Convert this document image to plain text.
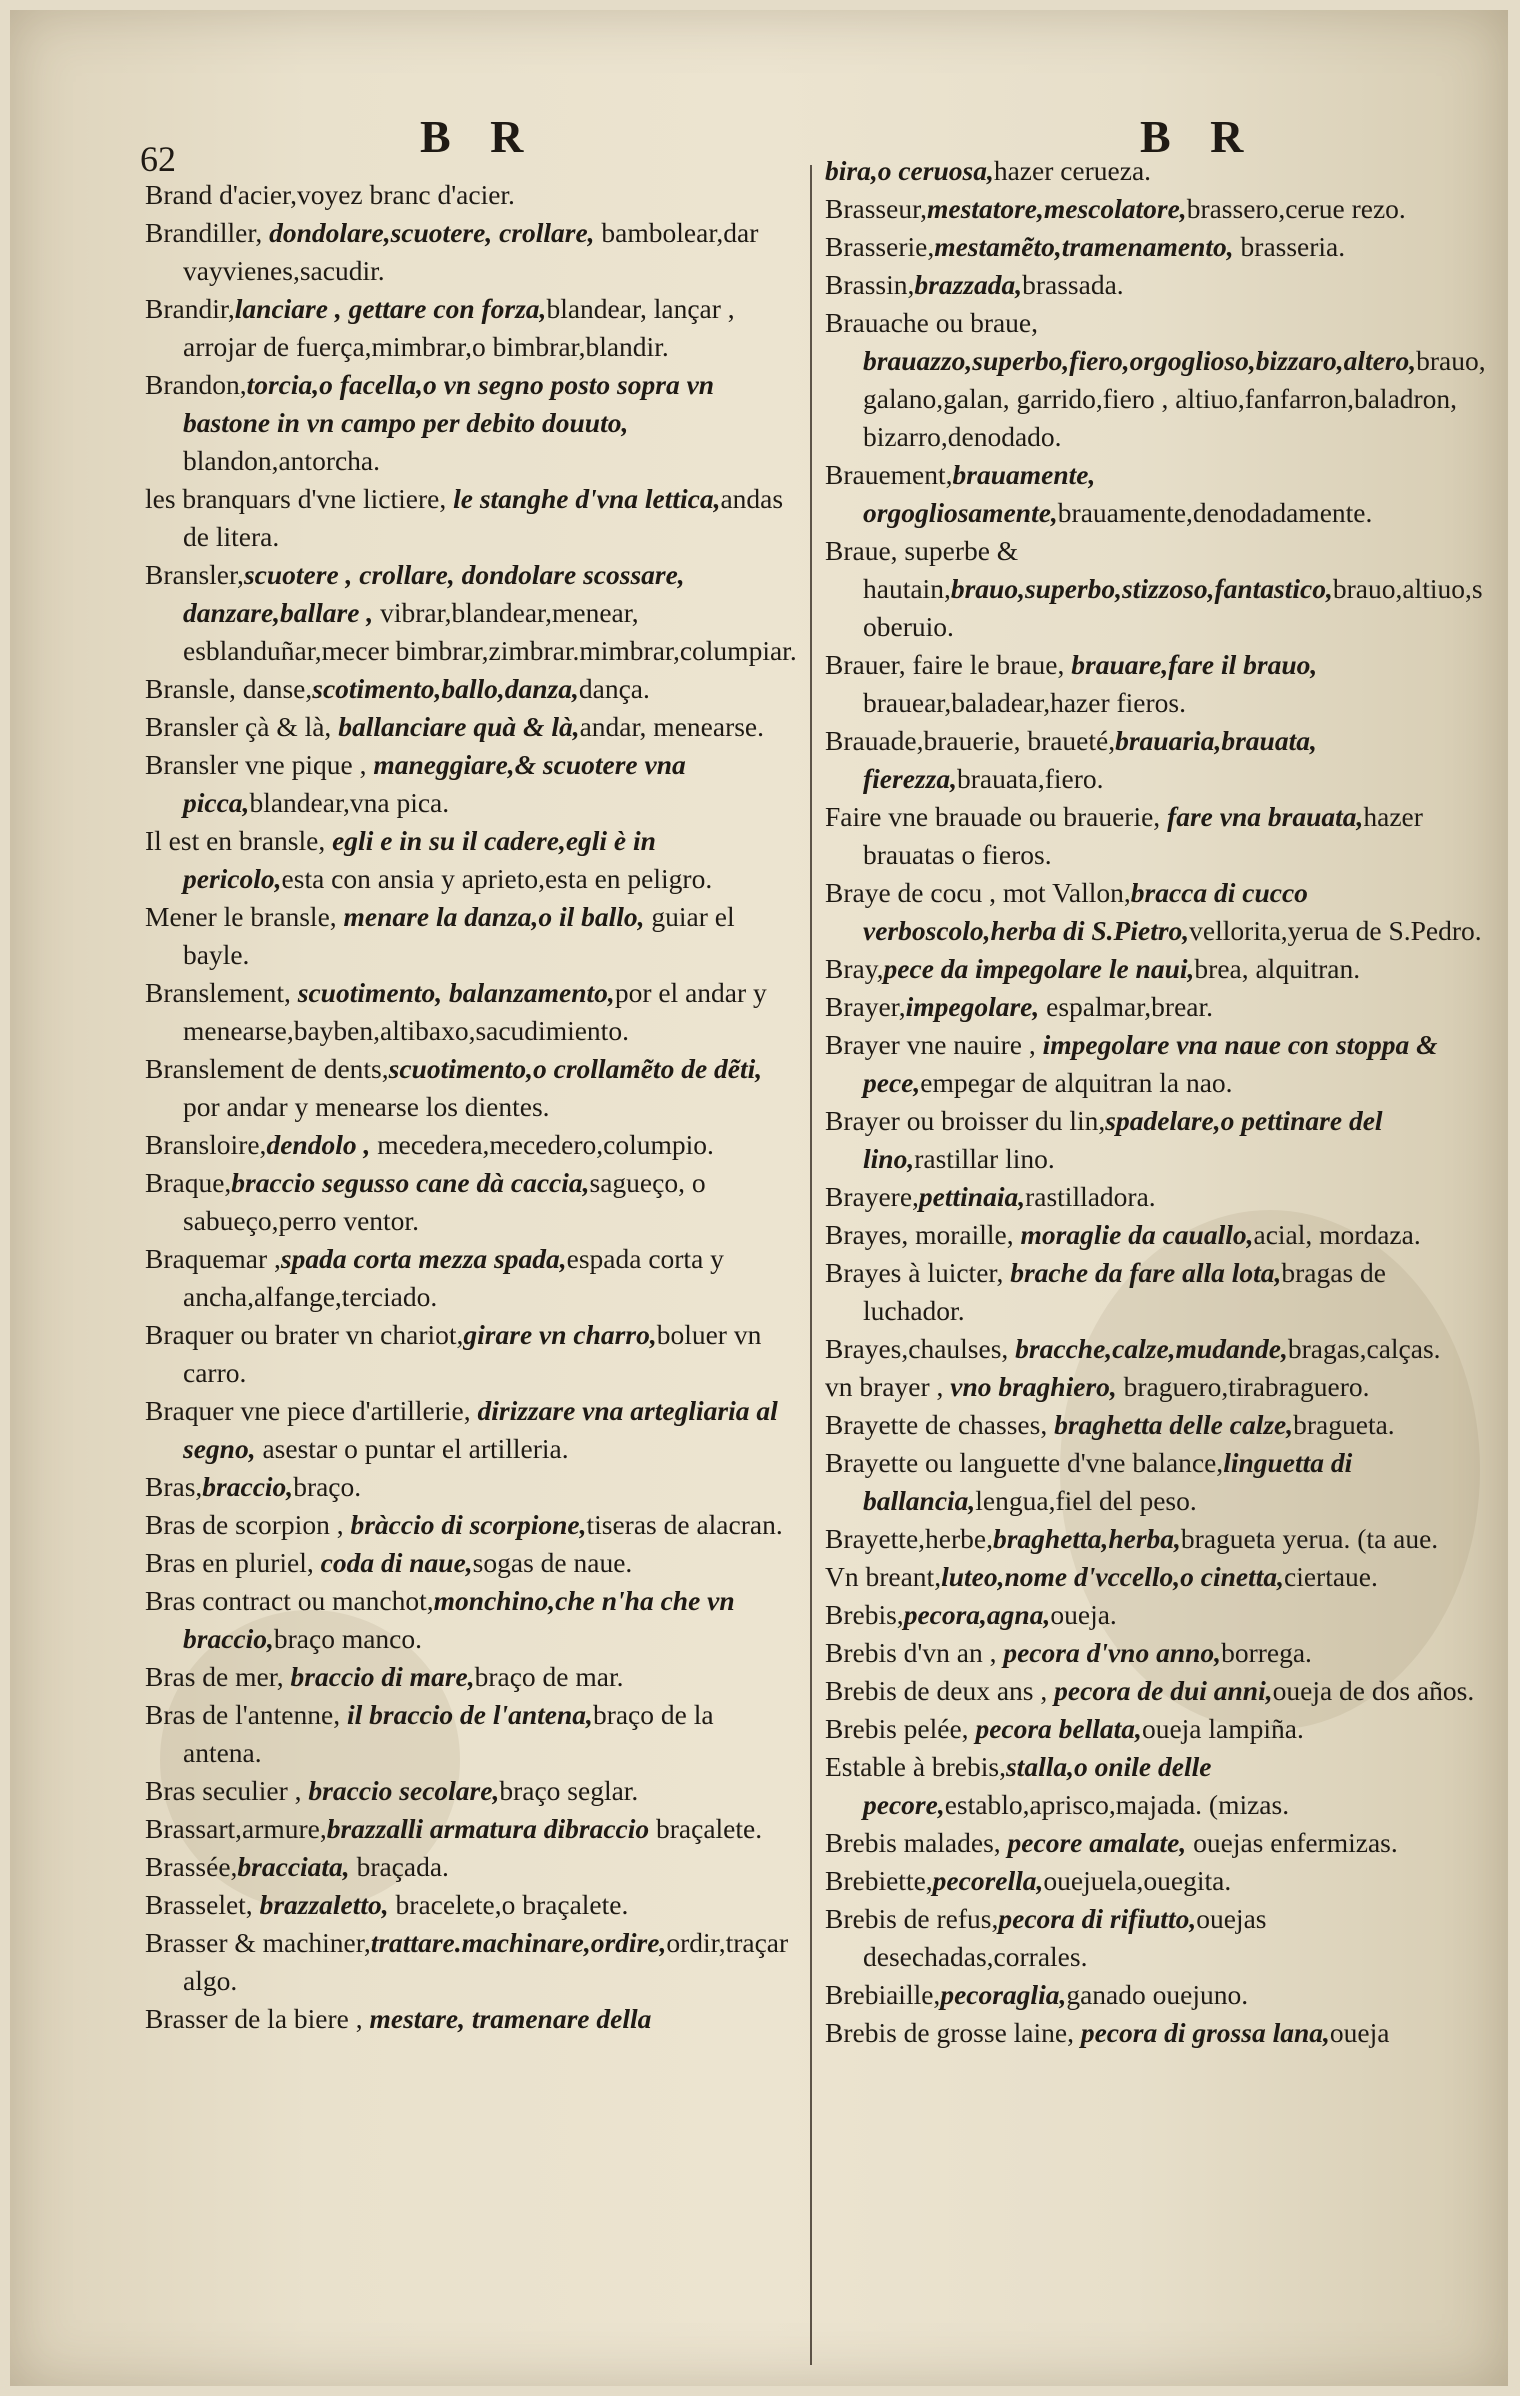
62	B R	B R
Brand d'acier,voyez branc d'acier.
Brandiller, dondolare,scuotere, crollare, bambolear,dar vayvienes,sacudir.
Brandir,lanciare , gettare con forza,blandear, lançar , arrojar de fuerça,mimbrar,o bimbrar,blandir.
Brandon,torcia,o facella,o vn segno posto sopra vn bastone in vn campo per debito douuto, blandon,antorcha.
les branquars d'vne lictiere, le stanghe d'vna lettica,andas de litera.
Bransler,scuotere , crollare, dondolare scossare, danzare,ballare , vibrar,blandear,menear, esblanduñar,mecer bimbrar,zimbrar.mimbrar,columpiar.
Bransle, danse,scotimento,ballo,danza,dança.
Bransler çà & là, ballanciare quà & là,andar, menearse.
Bransler vne pique , maneggiare,& scuotere vna picca,blandear,vna pica.
Il est en bransle, egli e in su il cadere,egli è in pericolo,esta con ansia y aprieto,esta en peligro.
Mener le bransle, menare la danza,o il ballo, guiar el bayle.
Branslement, scuotimento, balanzamento,por el andar y menearse,bayben,altibaxo,sacudimiento.
Branslement de dents,scuotimento,o crollamẽto de dẽti, por andar y menearse los dientes.
Bransloire,dendolo , mecedera,mecedero,columpio.
Braque,braccio segusso cane dà caccia,sagueço, o sabueço,perro ventor.
Braquemar ,spada corta mezza spada,espada corta y ancha,alfange,terciado.
Braquer ou brater vn chariot,girare vn charro,boluer vn carro.
Braquer vne piece d'artillerie, dirizzare vna artegliaria al segno, asestar o puntar el artilleria.
Bras,braccio,braço.
Bras de scorpion , bràccio di scorpione,tiseras de alacran.
Bras en pluriel, coda di naue,sogas de naue.
Bras contract ou manchot,monchino,che n'ha che vn braccio,braço manco.
Bras de mer, braccio di mare,braço de mar.
Bras de l'antenne, il braccio de l'antena,braço de la antena.
Bras seculier , braccio secolare,braço seglar.
Brassart,armure,brazzalli armatura dibraccio braçalete.
Brassée,bracciata, braçada.
Brasselet, brazzaletto, bracelete,o braçalete.
Brasser & machiner,trattare.machinare,ordire,ordir,traçar algo.
Brasser de la biere , mestare, tramenare della
bira,o ceruosa,hazer cerueza.
Brasseur,mestatore,mescolatore,brassero,cerue rezo.
Brasserie,mestamẽto,tramenamento, brasseria.
Brassin,brazzada,brassada.
Brauache ou braue, brauazzo,superbo,fiero,orgoglioso,bizzaro,altero,brauo,galano,galan, garrido,fiero , altiuo,fanfarron,baladron, bizarro,denodado.
Brauement,brauamente, orgogliosamente,brauamente,denodadamente.
Braue, superbe & hautain,brauo,superbo,stizzoso,fantastico,brauo,altiuo,soberuio.
Brauer, faire le braue, brauare,fare il brauo, brauear,baladear,hazer fieros.
Brauade,brauerie, braueté,brauaria,brauata, fierezza,brauata,fiero.
Faire vne brauade ou brauerie, fare vna brauata,hazer brauatas o fieros.
Braye de cocu , mot Vallon,bracca di cucco verboscolo,herba di S.Pietro,vellorita,yerua de S.Pedro.
Bray,pece da impegolare le naui,brea, alquitran.
Brayer,impegolare, espalmar,brear.
Brayer vne nauire , impegolare vna naue con stoppa & pece,empegar de alquitran la nao.
Brayer ou broisser du lin,spadelare,o pettinare del lino,rastillar lino.
Brayere,pettinaia,rastilladora.
Brayes, moraille, moraglie da cauallo,acial, mordaza.
Brayes à luicter, brache da fare alla lota,bragas de luchador.
Brayes,chaulses, bracche,calze,mudande,bragas,calças.
vn brayer , vno braghiero, braguero,tirabraguero.
Brayette de chasses, braghetta delle calze,bragueta.
Brayette ou languette d'vne balance,linguetta di ballancia,lengua,fiel del peso.
Brayette,herbe,braghetta,herba,bragueta yerua. (ta aue.
Vn breant,luteo,nome d'vccello,o cinetta,ciertaue.
Brebis,pecora,agna,oueja.
Brebis d'vn an , pecora d'vno anno,borrega.
Brebis de deux ans , pecora de dui anni,oueja de dos años.
Brebis pelée, pecora bellata,oueja lampiña.
Estable à brebis,stalla,o onile delle pecore,establo,aprisco,majada. (mizas.
Brebis malades, pecore amalate, ouejas enfermizas.
Brebiette,pecorella,ouejuela,ouegita.
Brebis de refus,pecora di rifiutto,ouejas desechadas,corrales.
Brebiaille,pecoraglia,ganado ouejuno.
Brebis de grosse laine, pecora di grossa lana,oueja
